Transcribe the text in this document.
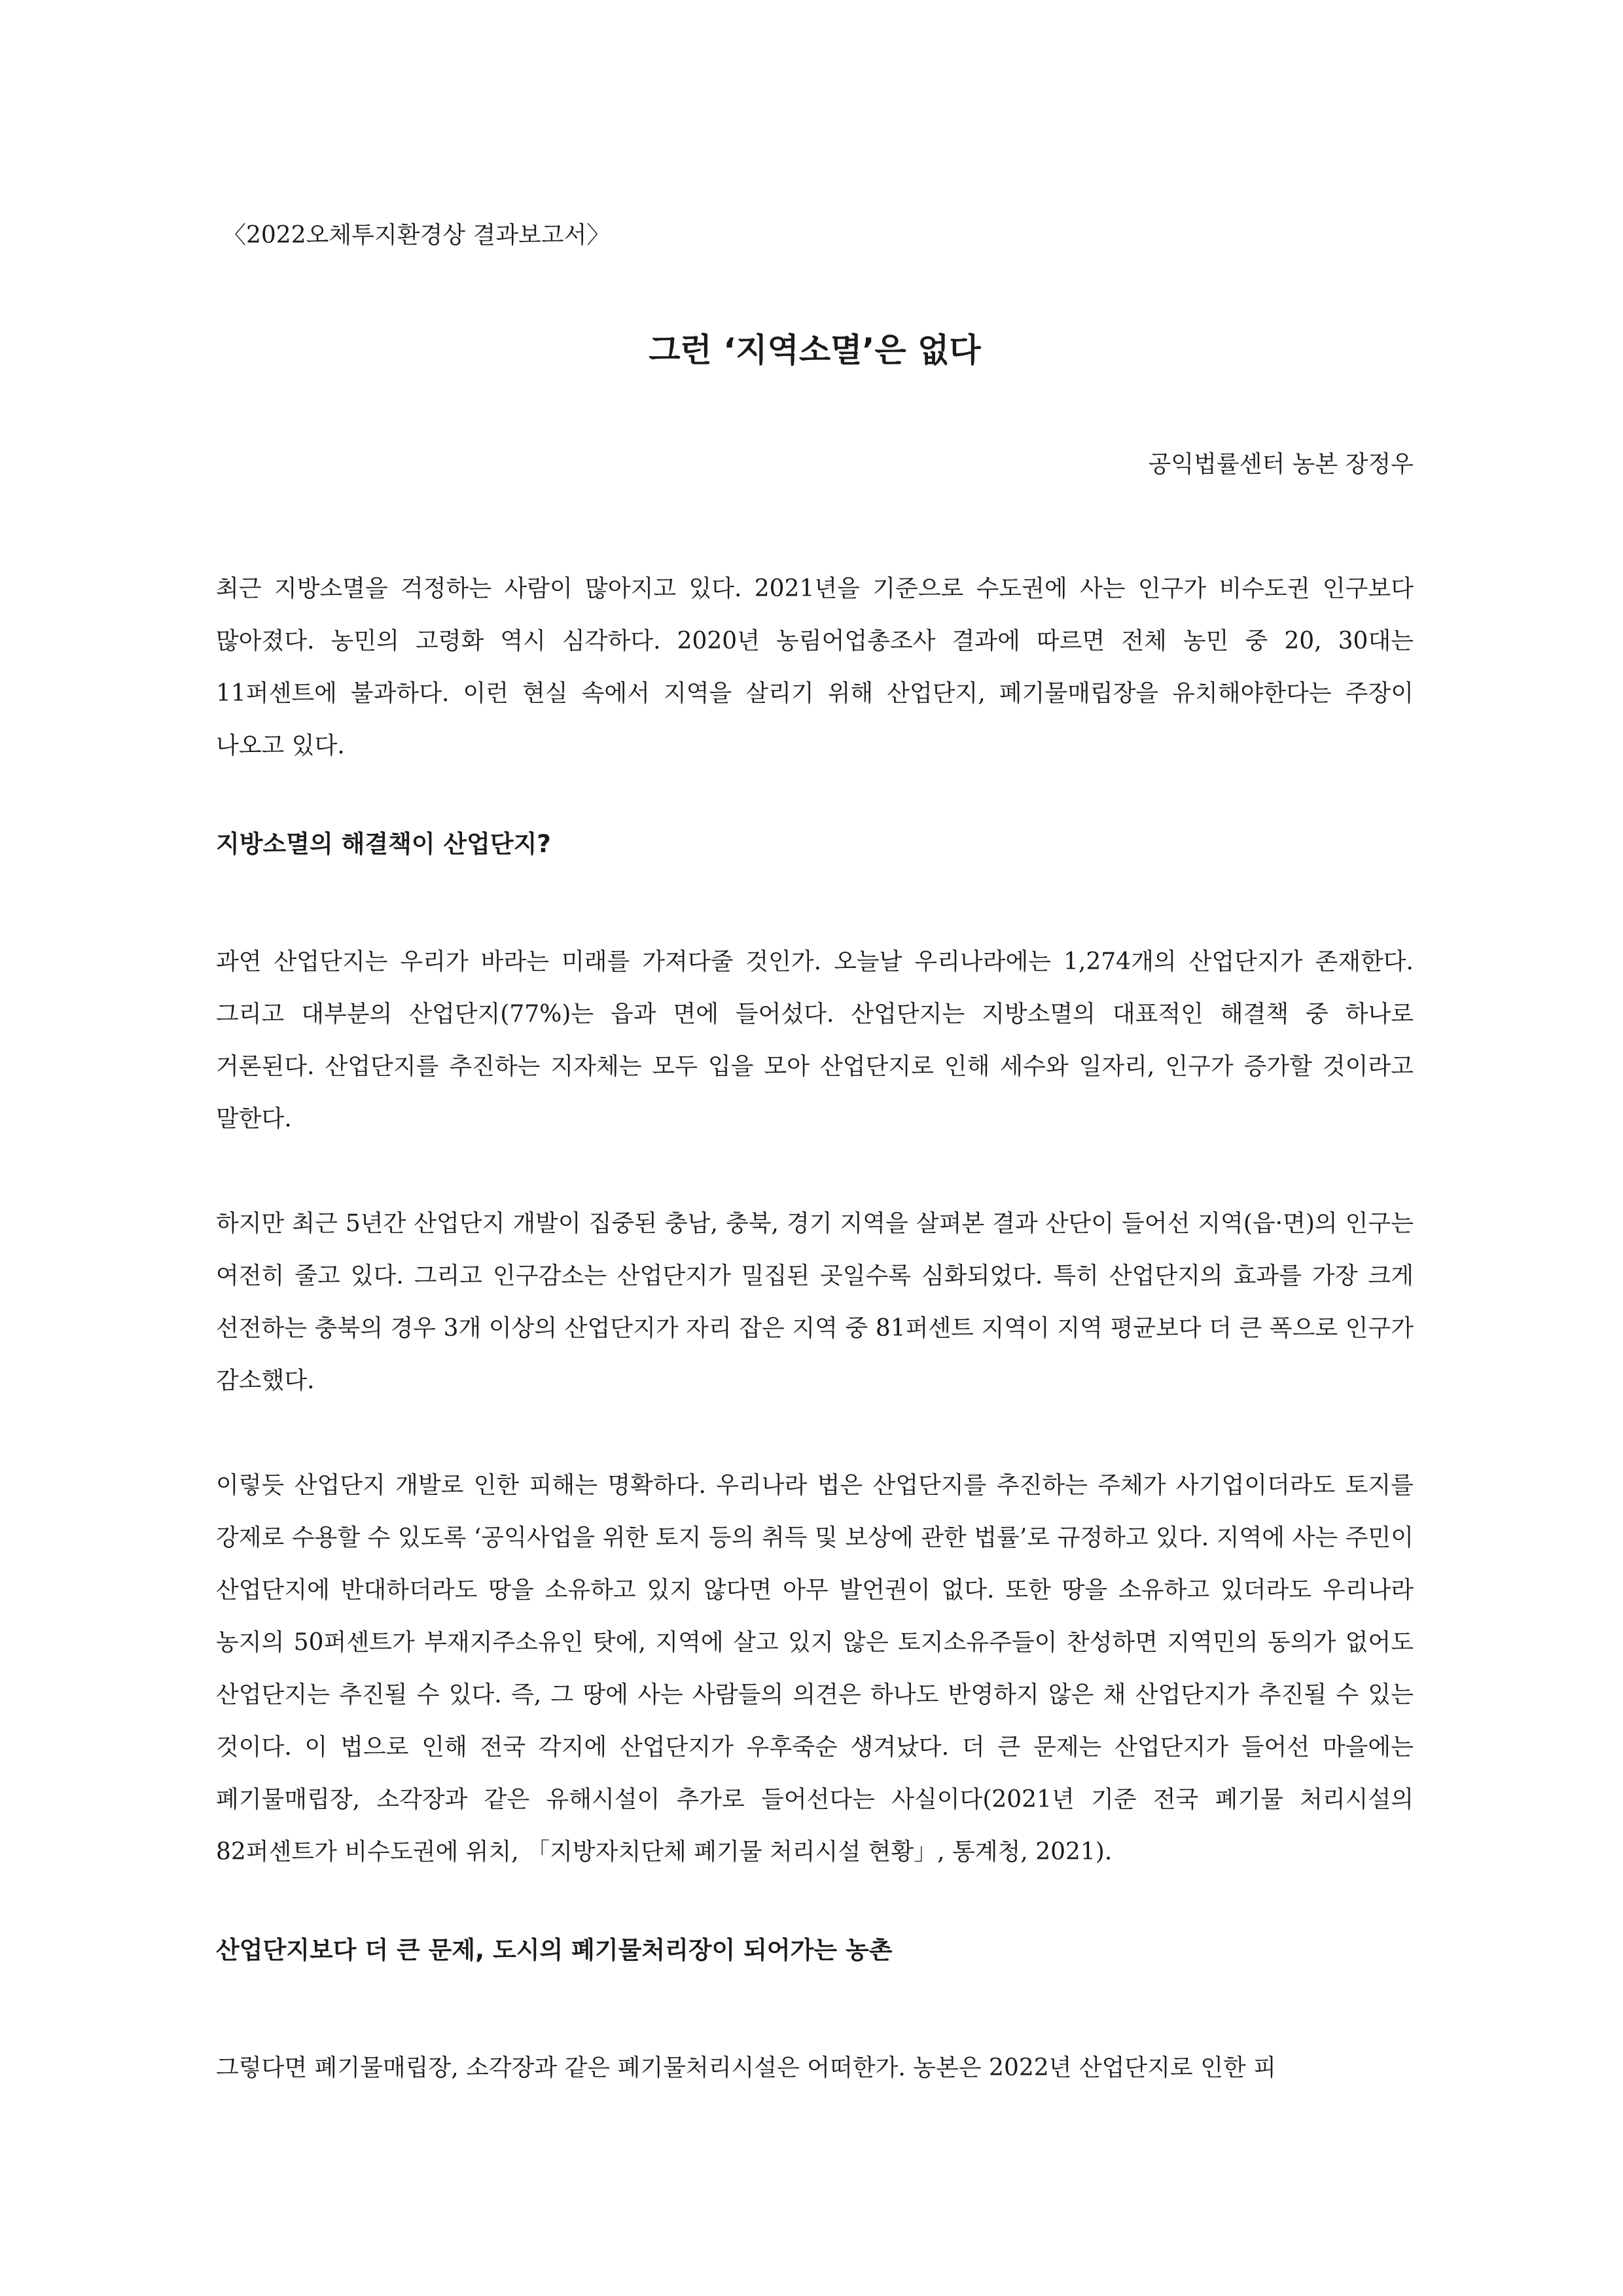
〈2022오체투지환경상 결과보고서〉
그런 ‘지역소멸’은 없다
공익법률센터 농본 장정우

최근 지방소멸을 걱정하는 사람이 많아지고 있다. 2021년을 기준으로 수도권에 사는 인구가 비수도권 인구보다 많아졌다. 농민의 고령화 역시 심각하다. 2020년 농림어업총조사 결과에 따르면 전체 농민 중 20, 30대는 11퍼센트에 불과하다. 이런 현실 속에서 지역을 살리기 위해 산업단지, 폐기물매립장을 유치해야한다는 주장이 나오고 있다.

지방소멸의 해결책이 산업단지?

과연 산업단지는 우리가 바라는 미래를 가져다줄 것인가. 오늘날 우리나라에는 1,274개의 산업단지가 존재한다. 그리고 대부분의 산업단지(77%)는 읍과 면에 들어섰다. 산업단지는 지방소멸의 대표적인 해결책 중 하나로 거론된다. 산업단지를 추진하는 지자체는 모두 입을 모아 산업단지로 인해 세수와 일자리, 인구가 증가할 것이라고 말한다.

하지만 최근 5년간 산업단지 개발이 집중된 충남, 충북, 경기 지역을 살펴본 결과 산단이 들어선 지역(읍·면)의 인구는 여전히 줄고 있다. 그리고 인구감소는 산업단지가 밀집된 곳일수록 심화되었다. 특히 산업단지의 효과를 가장 크게 선전하는 충북의 경우 3개 이상의 산업단지가 자리 잡은 지역 중 81퍼센트 지역이 지역 평균보다 더 큰 폭으로 인구가 감소했다.

이렇듯 산업단지 개발로 인한 피해는 명확하다. 우리나라 법은 산업단지를 추진하는 주체가 사기업이더라도 토지를 강제로 수용할 수 있도록 ‘공익사업을 위한 토지 등의 취득 및 보상에 관한 법률’로 규정하고 있다. 지역에 사는 주민이 산업단지에 반대하더라도 땅을 소유하고 있지 않다면 아무 발언권이 없다. 또한 땅을 소유하고 있더라도 우리나라 농지의 50퍼센트가 부재지주소유인 탓에, 지역에 살고 있지 않은 토지소유주들이 찬성하면 지역민의 동의가 없어도 산업단지는 추진될 수 있다. 즉, 그 땅에 사는 사람들의 의견은 하나도 반영하지 않은 채 산업단지가 추진될 수 있는 것이다. 이 법으로 인해 전국 각지에 산업단지가 우후죽순 생겨났다. 더 큰 문제는 산업단지가 들어선 마을에는 폐기물매립장, 소각장과 같은 유해시설이 추가로 들어선다는 사실이다(2021년 기준 전국 폐기물 처리시설의 82퍼센트가 비수도권에 위치, 「지방자치단체 폐기물 처리시설 현황」, 통계청, 2021).

산업단지보다 더 큰 문제, 도시의 폐기물처리장이 되어가는 농촌

그렇다면 폐기물매립장, 소각장과 같은 폐기물처리시설은 어떠한가. 농본은 2022년 산업단지로 인한 피
